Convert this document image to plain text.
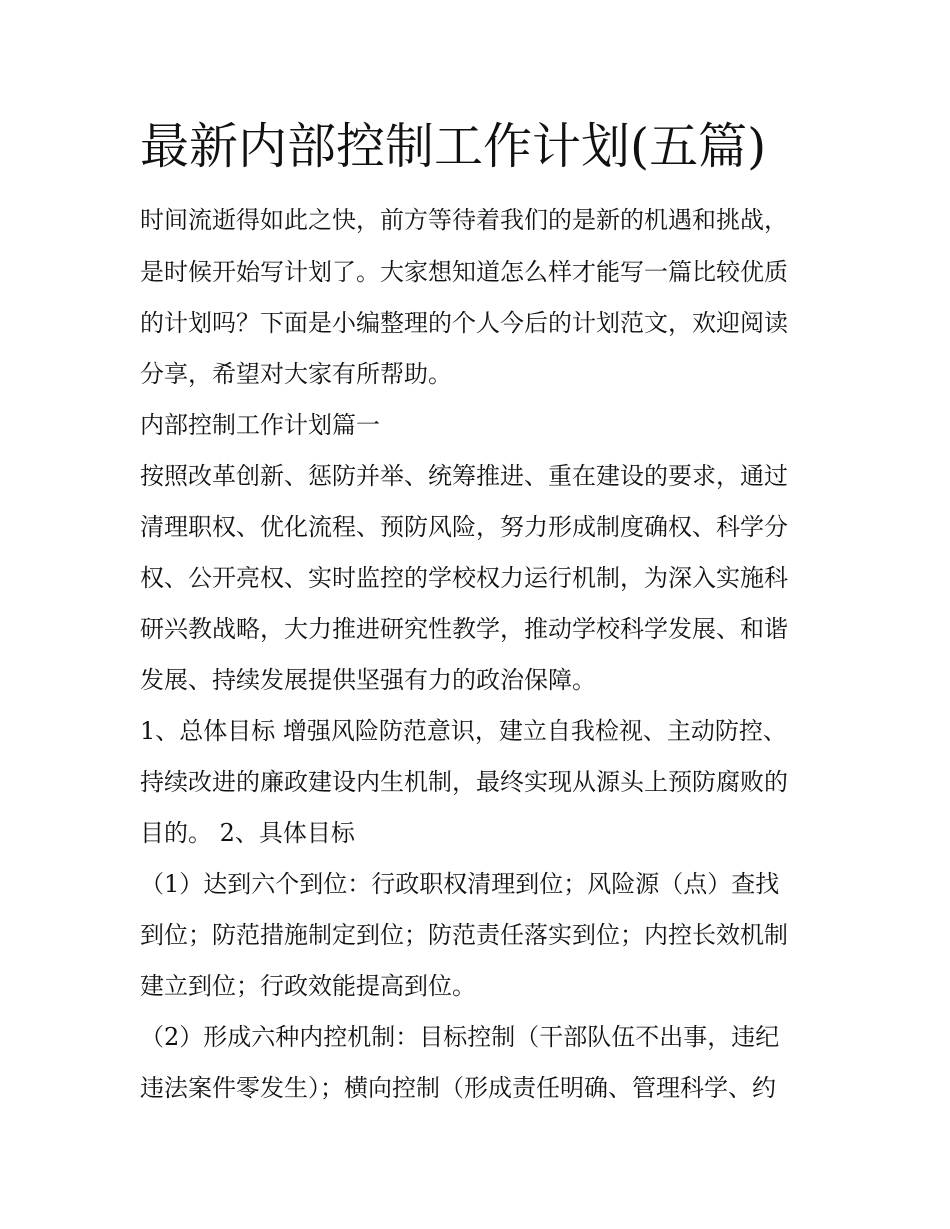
最新内部控制工作计划(五篇)

时间流逝得如此之快，前方等待着我们的是新的机遇和挑战，

是时候开始写计划了。大家想知道怎么样才能写一篇比较优质

的计划吗？下面是小编整理的个人今后的计划范文，欢迎阅读

分享，希望对大家有所帮助。

内部控制工作计划篇一

按照改革创新、惩防并举、统筹推进、重在建设的要求，通过

清理职权、优化流程、预防风险，努力形成制度确权、科学分

权、公开亮权、实时监控的学校权力运行机制，为深入实施科

研兴教战略，大力推进研究性教学，推动学校科学发展、和谐

发展、持续发展提供坚强有力的政治保障。

1、总体目标 增强风险防范意识，建立自我检视、主动防控、

持续改进的廉政建设内生机制，最终实现从源头上预防腐败的

目的。 2、具体目标

（1）达到六个到位：行政职权清理到位；风险源（点）查找

到位；防范措施制定到位；防范责任落实到位；内控长效机制

建立到位；行政效能提高到位。

（2）形成六种内控机制：目标控制（干部队伍不出事，违纪

违法案件零发生）；横向控制（形成责任明确、管理科学、约
